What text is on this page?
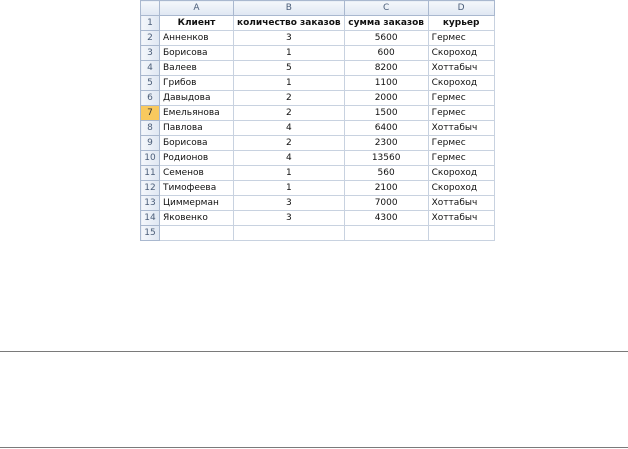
	A	B	C	D
1	Клиент	количество заказов	сумма заказов	курьер
2	Анненков	3	5600	Гермес
3	Борисова	1	600	Скороход
4	Валеев	5	8200	Хоттабыч
5	Грибов	1	1100	Скороход
6	Давыдова	2	2000	Гермес
7	Емельянова	2	1500	Гермес
8	Павлова	4	6400	Хоттабыч
9	Борисова	2	2300	Гермес
10	Родионов	4	13560	Гермес
11	Семенов	1	560	Скороход
12	Тимофеева	1	2100	Скороход
13	Циммерман	3	7000	Хоттабыч
14	Яковенко	3	4300	Хоттабыч
15				
